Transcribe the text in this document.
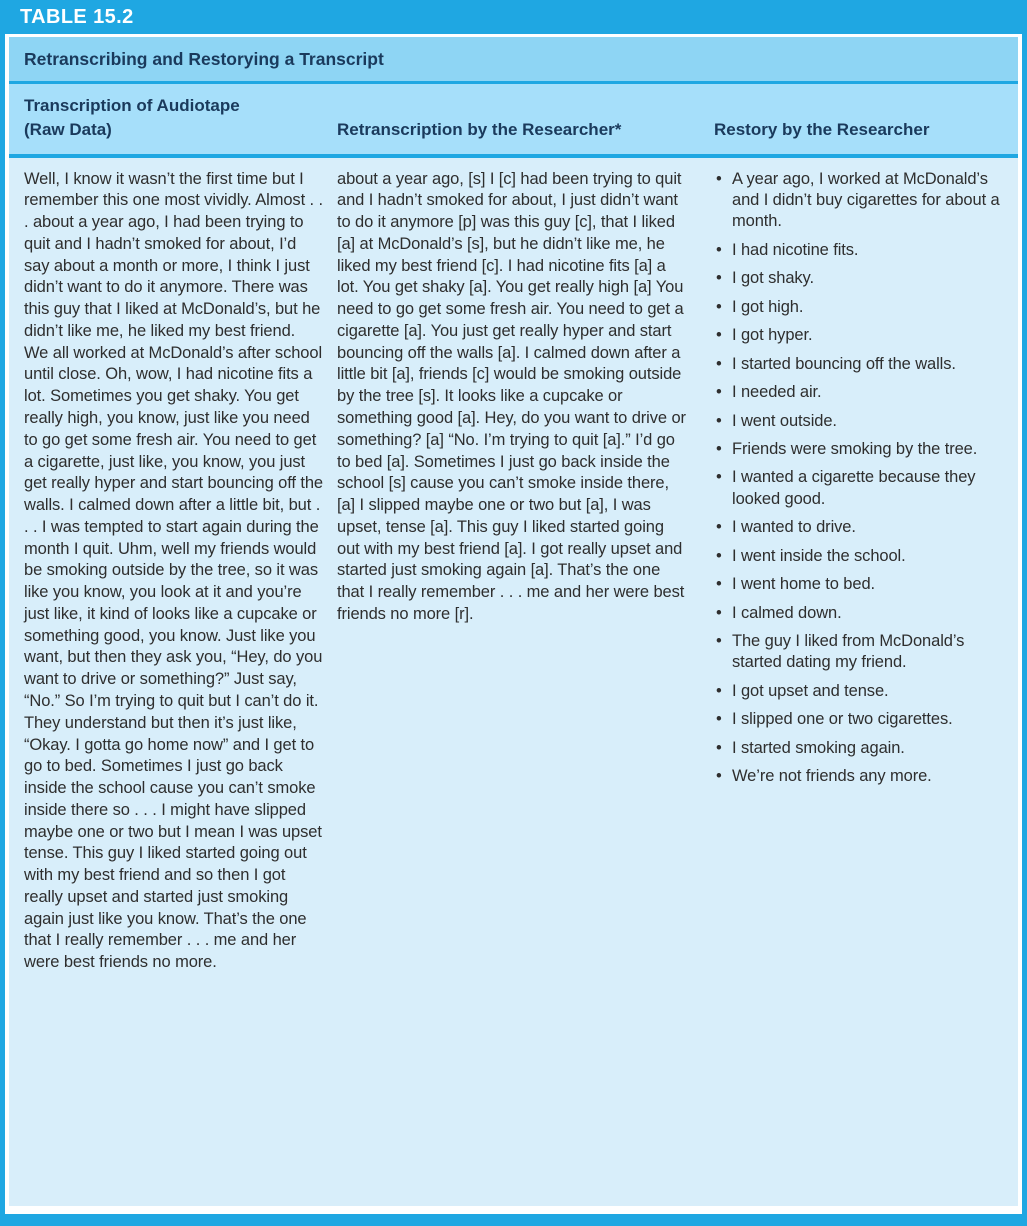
TABLE 15.2
Retranscribing and Restorying a Transcript
Transcription of Audiotape
(Raw Data)	Retranscription by the Researcher*	Restory by the Researcher
Well, I know it wasn’t the first time but I remember this one most vividly. Almost . . . about a year ago, I had been trying to quit and I hadn’t smoked for about, I’d say about a month or more, I think I just didn’t want to do it anymore. There was this guy that I liked at McDonald’s, but he didn’t like me, he liked my best friend. We all worked at McDonald’s after school until close. Oh, wow, I had nicotine fits a lot. Sometimes you get shaky. You get really high, you know, just like you need to go get some fresh air. You need to get a cigarette, just like, you know, you just get really hyper and start bouncing off the walls. I calmed down after a little bit, but . . . I was tempted to start again during the month I quit. Uhm, well my friends would be smoking outside by the tree, so it was like you know, you look at it and you’re just like, it kind of looks like a cupcake or something good, you know. Just like you want, but then they ask you, “Hey, do you want to drive or something?” Just say, “No.” So I’m trying to quit but I can’t do it. They understand but then it’s just like, “Okay. I gotta go home now” and I get to go to bed. Sometimes I just go back inside the school cause you can’t smoke inside there so . . . I might have slipped maybe one or two but I mean I was upset tense. This guy I liked started going out with my best friend and so then I got really upset and started just smoking again just like you know. That’s the one that I really remember . . . me and her were best friends no more.
about a year ago, [s] I [c] had been trying to quit and I hadn’t smoked for about, I just didn’t want to do it anymore [p] was this guy [c], that I liked [a] at McDonald’s [s], but he didn’t like me, he liked my best friend [c]. I had nicotine fits [a] a lot. You get shaky [a]. You get really high [a] You need to go get some fresh air. You need to get a cigarette [a]. You just get really hyper and start bouncing off the walls [a]. I calmed down after a little bit [a], friends [c] would be smoking outside by the tree [s]. It looks like a cupcake or something good [a]. Hey, do you want to drive or something? [a] “No. I’m trying to quit [a].” I’d go to bed [a]. Sometimes I just go back inside the school [s] cause you can’t smoke inside there, [a] I slipped maybe one or two but [a], I was upset, tense [a]. This guy I liked started going out with my best friend [a]. I got really upset and started just smoking again [a]. That’s the one that I really remember . . . me and her were best friends no more [r].
• A year ago, I worked at McDonald’s and I didn’t buy cigarettes for about a month.
• I had nicotine fits.
• I got shaky.
• I got high.
• I got hyper.
• I started bouncing off the walls.
• I needed air.
• I went outside.
• Friends were smoking by the tree.
• I wanted a cigarette because they looked good.
• I wanted to drive.
• I went inside the school.
• I went home to bed.
• I calmed down.
• The guy I liked from McDonald’s started dating my friend.
• I got upset and tense.
• I slipped one or two cigarettes.
• I started smoking again.
• We’re not friends any more.
